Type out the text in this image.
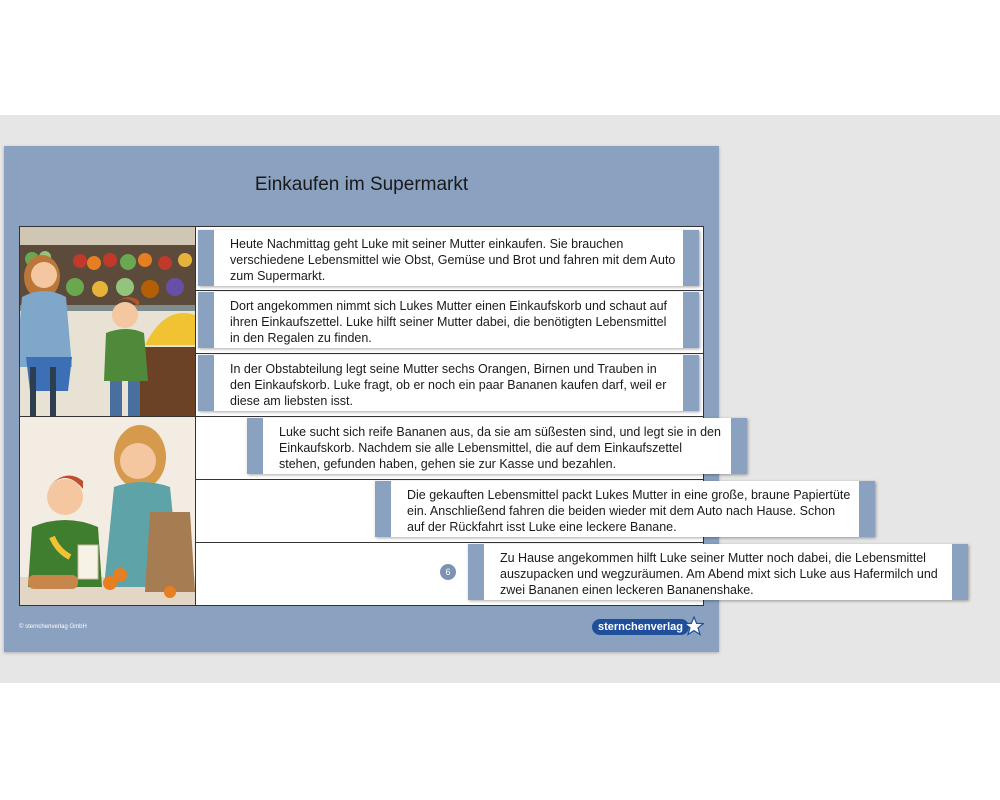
Einkaufen im Supermarkt
Heute Nachmittag geht Luke mit seiner Mutter einkaufen. Sie brauchen verschiedene Lebensmittel wie Obst, Gemüse und Brot und fahren mit dem Auto zum Supermarkt.
Dort angekommen nimmt sich Lukes Mutter einen Einkaufskorb und schaut auf ihren Einkaufszettel. Luke hilft seiner Mutter dabei, die benötigten Lebensmittel in den Regalen zu finden.
In der Obstabteilung legt seine Mutter sechs Orangen, Birnen und Trauben in den Einkaufskorb. Luke fragt, ob er noch ein paar Bananen kaufen darf, weil er diese am liebsten isst.
Luke sucht sich reife Bananen aus, da sie am süßesten sind, und legt sie in den Einkaufskorb. Nachdem sie alle Lebensmittel, die auf dem Einkaufszettel stehen, gefunden haben, gehen sie zur Kasse und bezahlen.
Die gekauften Lebensmittel packt Lukes Mutter in eine große, braune Papiertüte ein. Anschließend fahren die beiden wieder mit dem Auto nach Hause. Schon auf der Rückfahrt isst Luke eine leckere Banane.
Zu Hause angekommen hilft Luke seiner Mutter noch dabei, die Lebensmittel auszupacken und wegzuräumen. Am Abend mixt sich Luke aus Hafermilch und zwei Bananen einen leckeren Bananenshake.
6
© sternchenverlag GmbH	sternchenverlag
